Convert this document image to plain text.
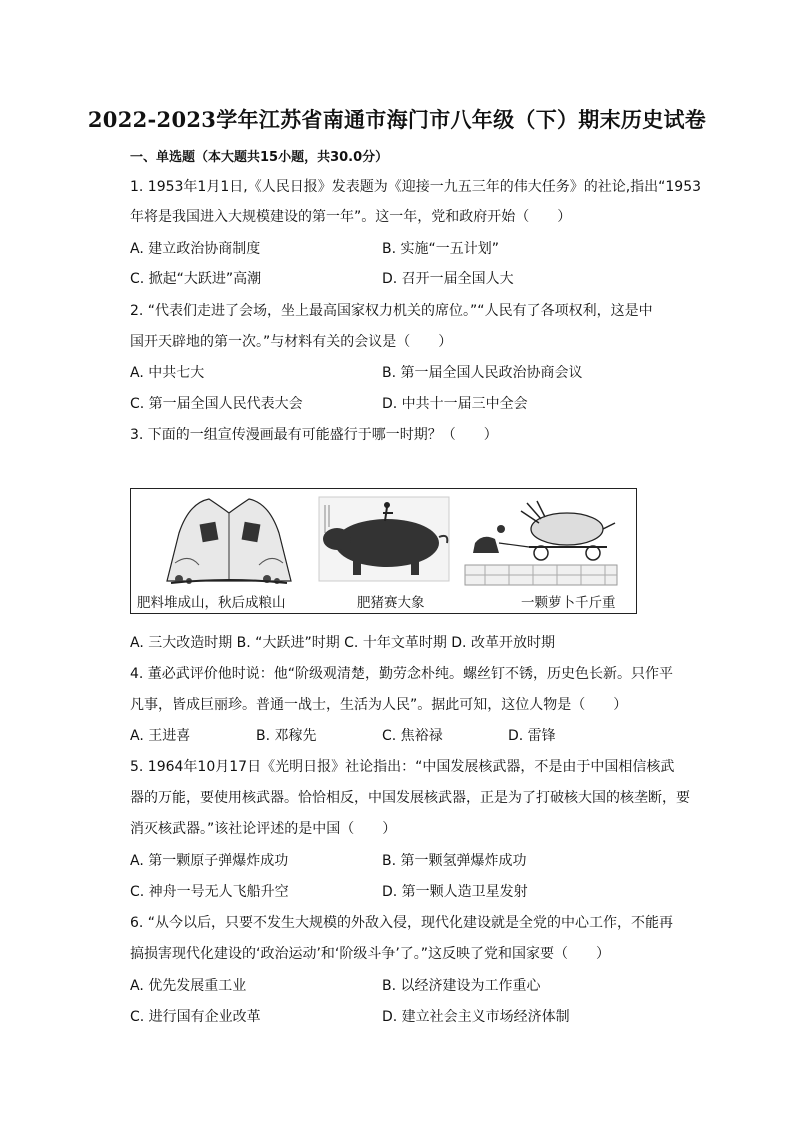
2022-2023学年江苏省南通市海门市八年级（下）期末历史试卷
一、单选题（本大题共15小题，共30.0分）
1. 1953年1月1日,《人民日报》发表题为《迎接一九五三年的伟大任务》的社论,指出“1953
年将是我国进入大规模建设的第一年”。这一年，党和政府开始（　　）
A. 建立政治协商制度	B. 实施“一五计划”
C. 掀起“大跃进”高潮	D. 召开一届全国人大
2. “代表们走进了会场，坐上最高国家权力机关的席位。”“人民有了各项权利，这是中
国开天辟地的第一次。”与材料有关的会议是（　　）
A. 中共七大	B. 第一届全国人民政治协商会议
C. 第一届全国人民代表大会	D. 中共十一届三中全会
3. 下面的一组宣传漫画最有可能盛行于哪一时期？（　　）
肥料堆成山，秋后成粮山	肥猪赛大象	一颗萝卜千斤重
A. 三大改造时期 B. “大跃进”时期 C. 十年文革时期 D. 改革开放时期
4. 董必武评价他时说：他“阶级观清楚，勤劳念朴纯。螺丝钉不锈，历史色长新。只作平
凡事，皆成巨丽珍。普通一战士，生活为人民”。据此可知，这位人物是（　　）
A. 王进喜	B. 邓稼先	C. 焦裕禄	D. 雷锋
5. 1964年10月17日《光明日报》社论指出：“中国发展核武器，不是由于中国相信核武
器的万能，要使用核武器。恰恰相反，中国发展核武器，正是为了打破核大国的核垄断，要
消灭核武器。”该社论评述的是中国（　　）
A. 第一颗原子弹爆炸成功	B. 第一颗氢弹爆炸成功
C. 神舟一号无人飞船升空	D. 第一颗人造卫星发射
6. “从今以后，只要不发生大规模的外敌入侵，现代化建设就是全党的中心工作，不能再
搞损害现代化建设的‘政治运动’和‘阶级斗争’了。”这反映了党和国家要（　　）
A. 优先发展重工业	B. 以经济建设为工作重心
C. 进行国有企业改革	D. 建立社会主义市场经济体制
